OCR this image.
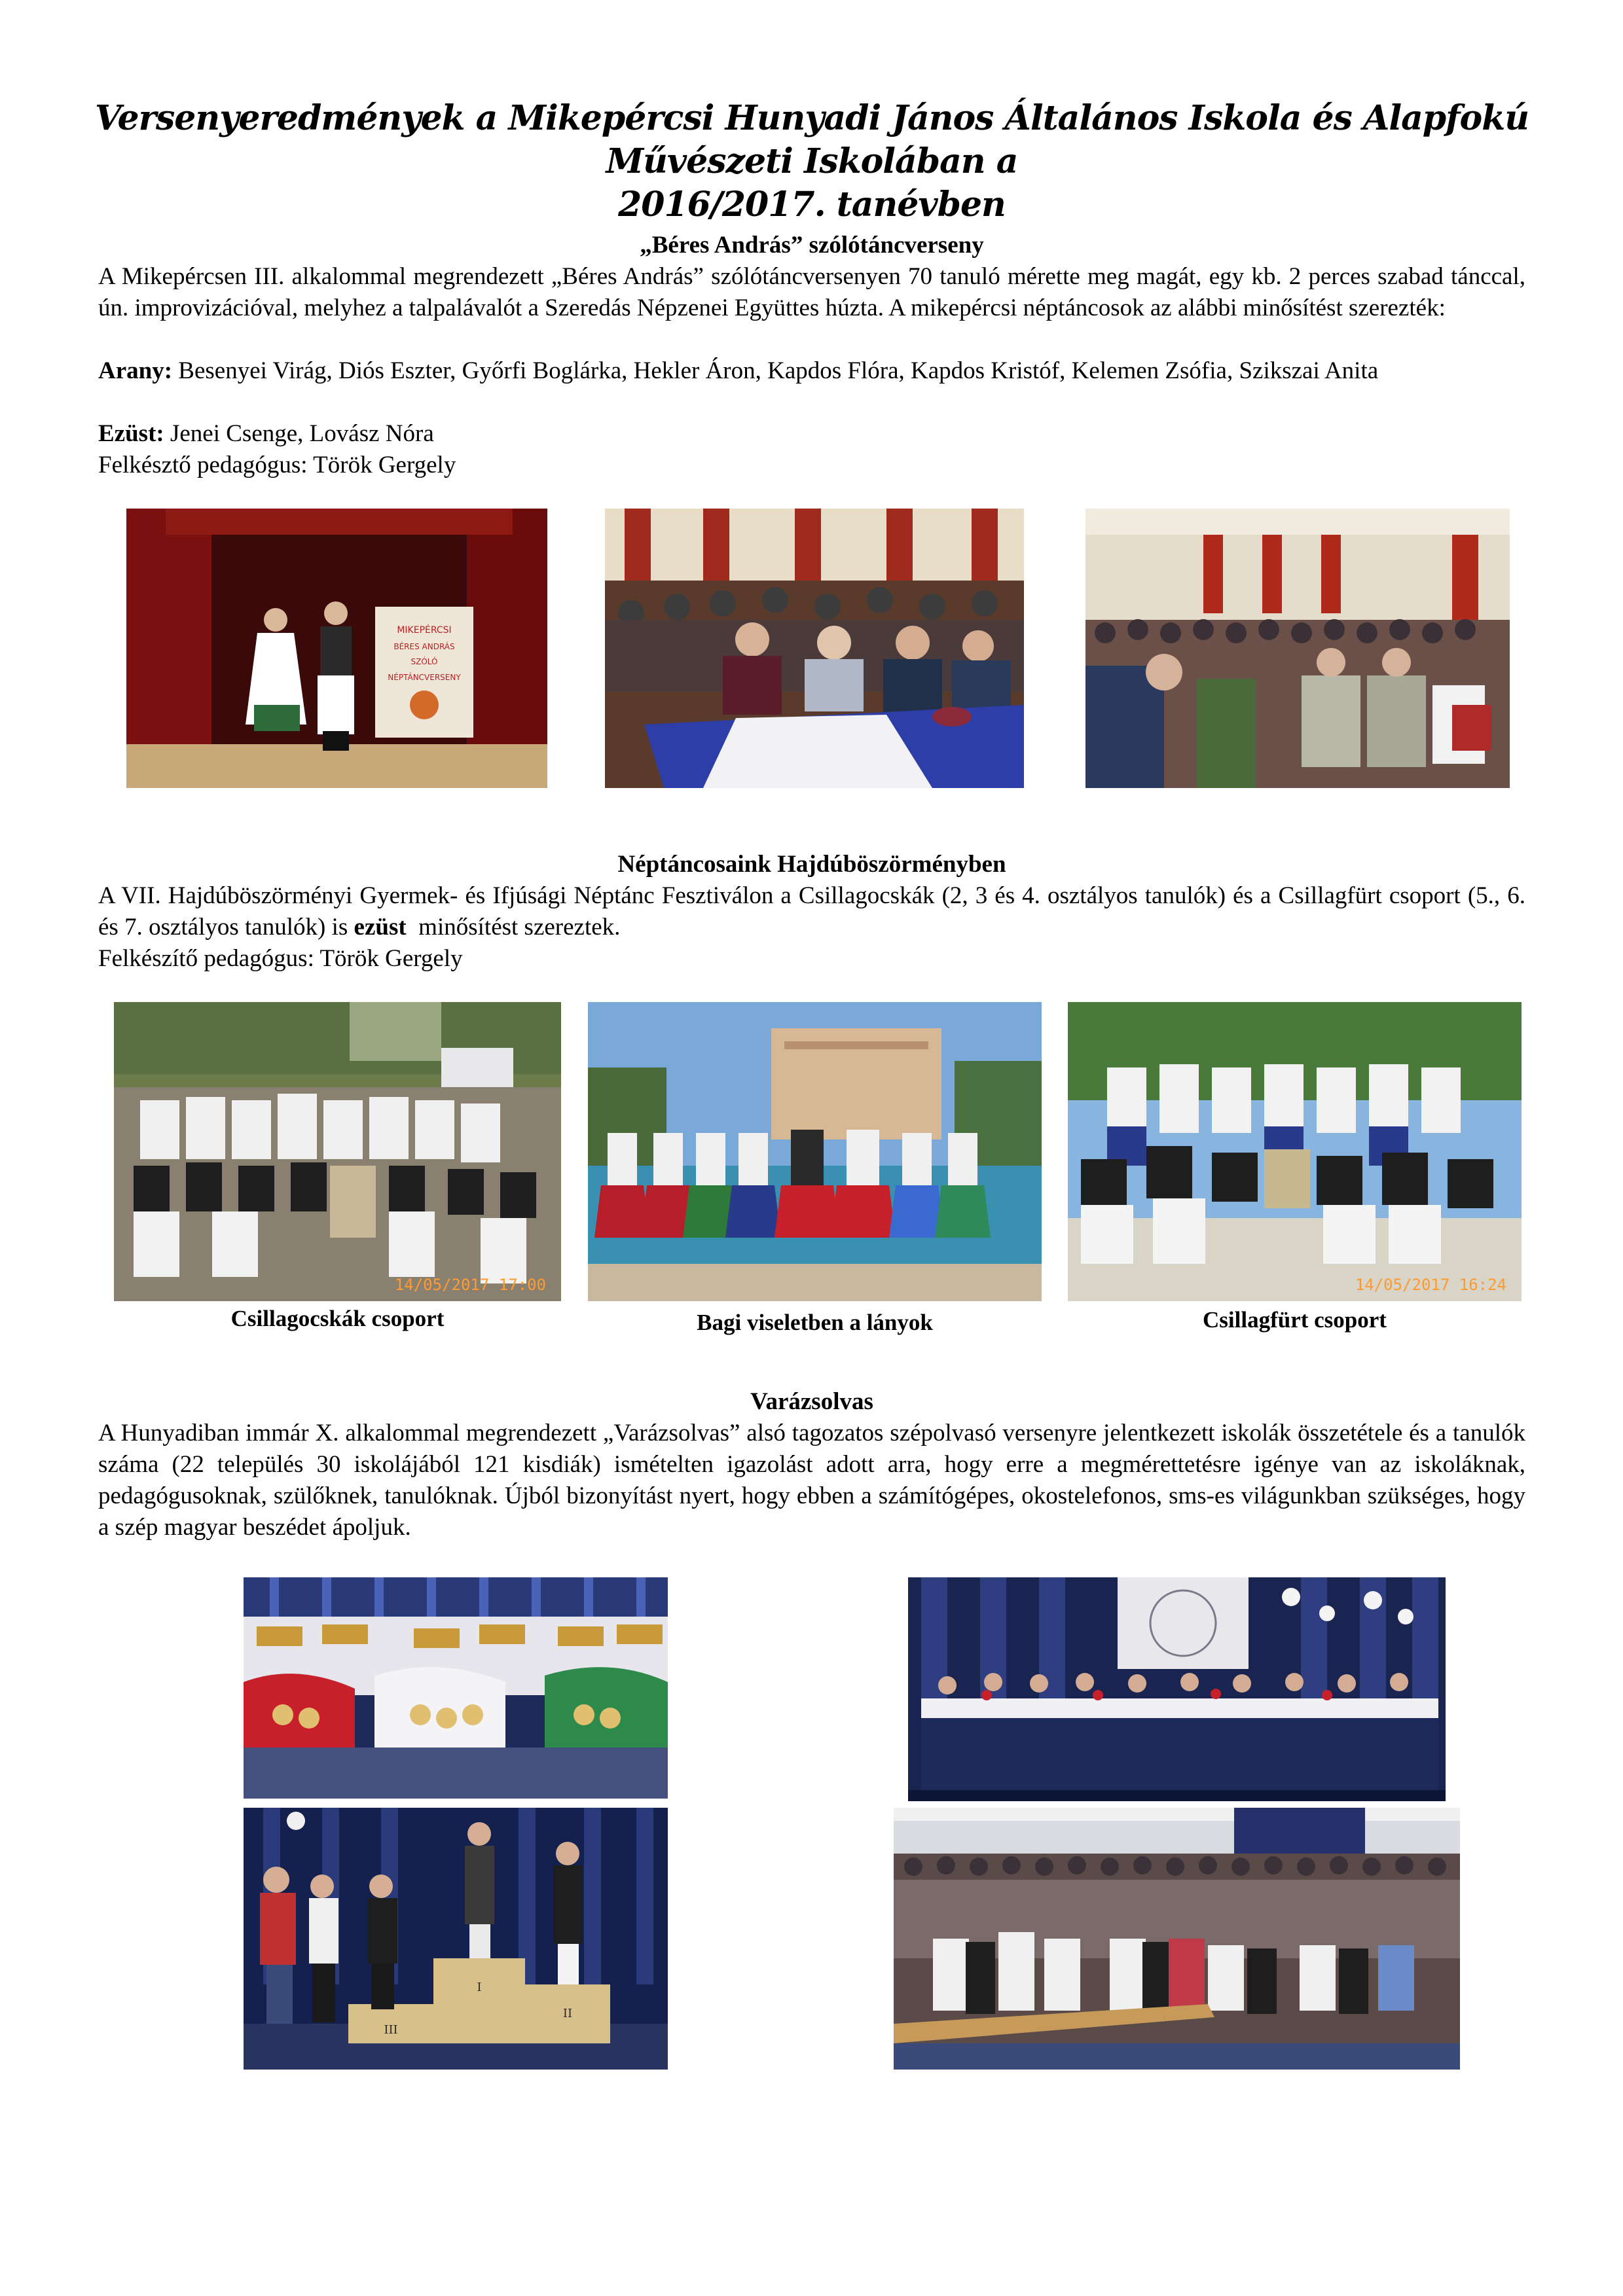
Versenyeredmények a Mikepércsi Hunyadi János Általános Iskola és Alapfokú Művészeti Iskolában a
2016/2017. tanévben
„Béres András” szólótáncverseny

A Mikepércsen III. alkalommal megrendezett „Béres András” szólótáncversenyen 70 tanuló mérette meg magát, egy kb. 2 perces szabad tánccal, ún. improvizációval, melyhez a talpalávalót a Szeredás Népzenei Együttes húzta. A mikepércsi néptáncosok az alábbi minősítést szerezték:

Arany: Besenyei Virág, Diós Eszter, Győrfi Boglárka, Hekler Áron, Kapdos Flóra, Kapdos Kristóf, Kelemen Zsófia, Szikszai Anita

Ezüst: Jenei Csenge, Lovász Nóra
Felkésztő pedagógus: Török Gergely
MIKEPÉRCSI
BÉRES ANDRÁS
SZÓLÓ
NÉPTÁNCVERSENY
Néptáncosaink Hajdúböszörményben

A VII. Hajdúböszörményi Gyermek- és Ifjúsági Néptánc Fesztiválon a Csillagocskák (2, 3 és 4. osztályos tanulók) és a Csillagfürt csoport (5., 6. és 7. osztályos tanulók) is ezüst minősítést szereztek.

Felkészítő pedagógus: Török Gergely
14/05/2017 17:00	14/05/2017 16:24
Csillagocskák csoport	Bagi viseletben a lányok	Csillagfürt csoport
Varázsolvas

A Hunyadiban immár X. alkalommal megrendezett „Varázsolvas” alsó tagozatos szépolvasó versenyre jelentkezett iskolák összetétele és a tanulók száma (22 település 30 iskolájából 121 kisdiák) ismételten igazolást adott arra, hogy erre a megmérettetésre igénye van az iskoláknak, pedagógusoknak, szülőknek, tanulóknak. Újból bizonyítást nyert, hogy ebben a számítógépes, okostelefonos, sms-es világunkban szükséges, hogy a szép magyar beszédet ápoljuk.

III
I
II
